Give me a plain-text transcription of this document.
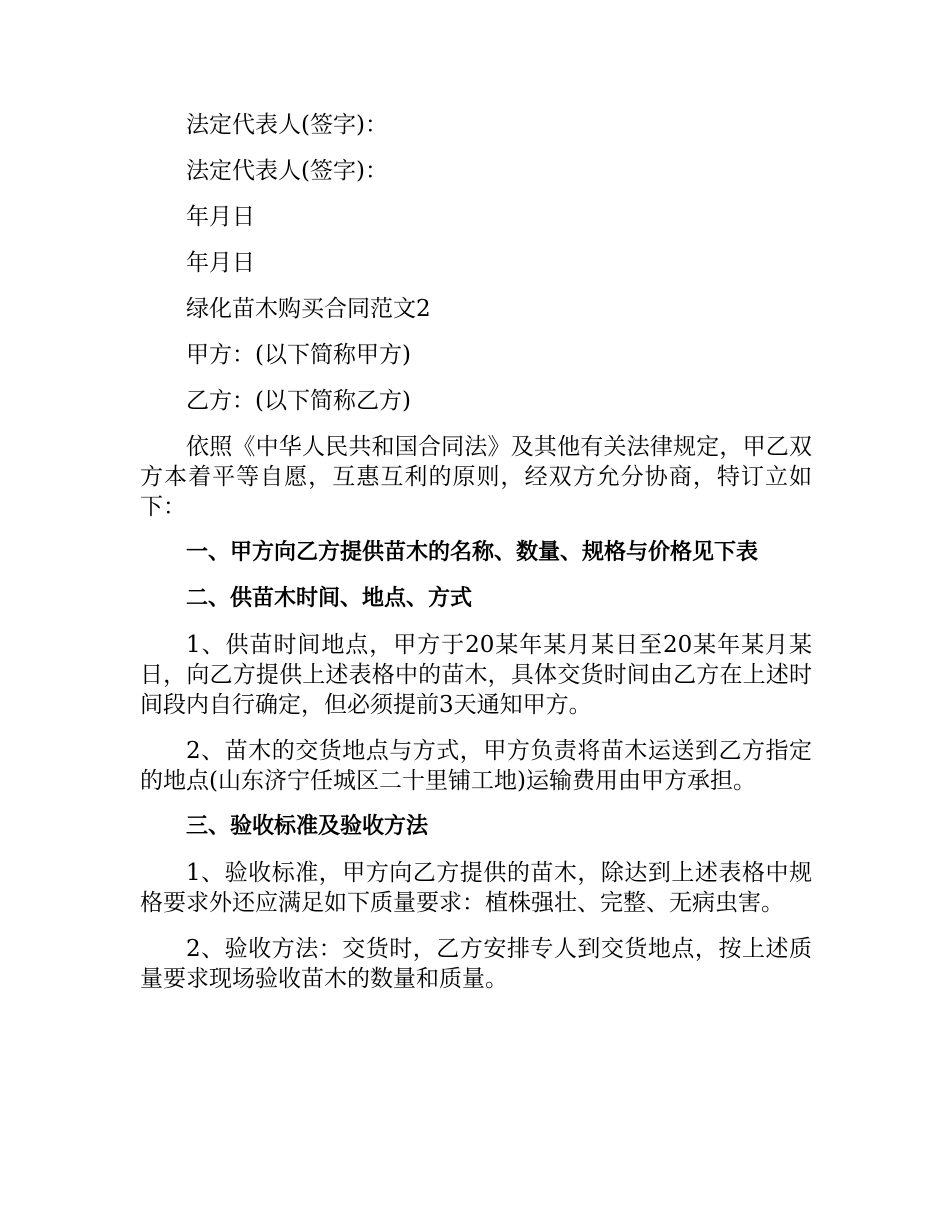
法定代表人(签字)：

法定代表人(签字)：

年月日

年月日

绿化苗木购买合同范文2

甲方：(以下简称甲方)

乙方：(以下简称乙方)

依照《中华人民共和国合同法》及其他有关法律规定，甲乙双方本着平等自愿，互惠互利的原则，经双方允分协商，特订立如下：

一、甲方向乙方提供苗木的名称、数量、规格与价格见下表

二、供苗木时间、地点、方式

1、供苗时间地点，甲方于20某年某月某日至20某年某月某日，向乙方提供上述表格中的苗木，具体交货时间由乙方在上述时间段内自行确定，但必须提前3天通知甲方。

2、苗木的交货地点与方式，甲方负责将苗木运送到乙方指定的地点(山东济宁任城区二十里铺工地)运输费用由甲方承担。

三、验收标准及验收方法

1、验收标准，甲方向乙方提供的苗木，除达到上述表格中规格要求外还应满足如下质量要求：植株强壮、完整、无病虫害。

2、验收方法：交货时，乙方安排专人到交货地点，按上述质量要求现场验收苗木的数量和质量。
